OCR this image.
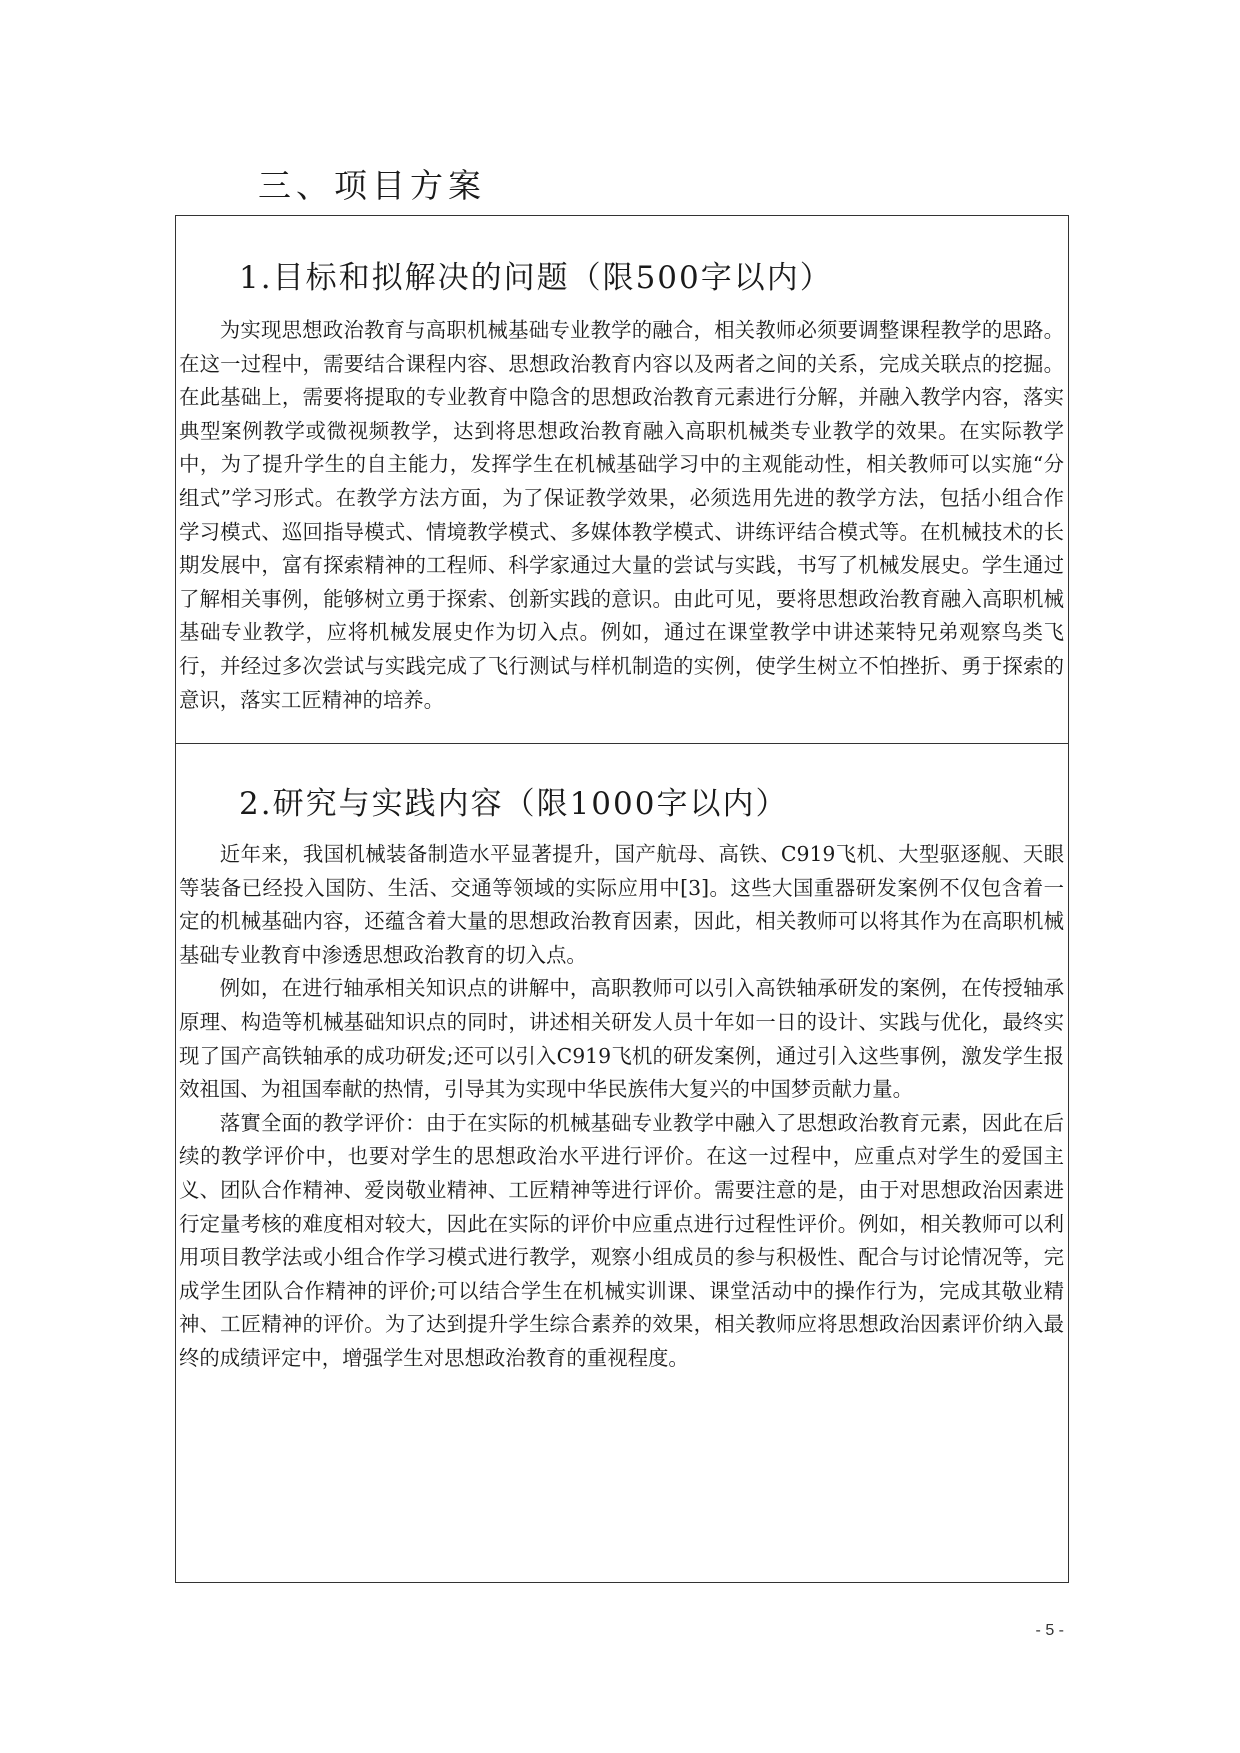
三、项目方案
1.目标和拟解决的问题（限500字以内）

为实现思想政治教育与高职机械基础专业教学的融合，相关教师必须要调整课程教学的思路。在这一过程中，需要结合课程内容、思想政治教育内容以及两者之间的关系，完成关联点的挖掘。在此基础上，需要将提取的专业教育中隐含的思想政治教育元素进行分解，并融入教学内容，落实典型案例教学或微视频教学，达到将思想政治教育融入高职机械类专业教学的效果。在实际教学中，为了提升学生的自主能力，发挥学生在机械基础学习中的主观能动性，相关教师可以实施“分组式”学习形式。在教学方法方面，为了保证教学效果，必须选用先进的教学方法，包括小组合作学习模式、巡回指导模式、情境教学模式、多媒体教学模式、讲练评结合模式等。在机械技术的长期发展中，富有探索精神的工程师、科学家通过大量的尝试与实践，书写了机械发展史。学生通过了解相关事例，能够树立勇于探索、创新实践的意识。由此可见，要将思想政治教育融入高职机械基础专业教学，应将机械发展史作为切入点。例如，通过在课堂教学中讲述莱特兄弟观察鸟类飞行，并经过多次尝试与实践完成了飞行测试与样机制造的实例，使学生树立不怕挫折、勇于探索的意识，落实工匠精神的培养。

2.研究与实践内容（限1000字以内）

近年来，我国机械装备制造水平显著提升，国产航母、高铁、C919飞机、大型驱逐舰、天眼等装备已经投入国防、生活、交通等领域的实际应用中[3]。这些大国重器研发案例不仅包含着一定的机械基础内容，还蕴含着大量的思想政治教育因素，因此，相关教师可以将其作为在高职机械基础专业教育中渗透思想政治教育的切入点。

例如，在进行轴承相关知识点的讲解中，高职教师可以引入高铁轴承研发的案例，在传授轴承原理、构造等机械基础知识点的同时，讲述相关研发人员十年如一日的设计、实践与优化，最终实现了国产高铁轴承的成功研发;还可以引入C919飞机的研发案例，通过引入这些事例，激发学生报效祖国、为祖国奉献的热情，引导其为实现中华民族伟大复兴的中国梦贡献力量。

落實全面的教学评价：由于在实际的机械基础专业教学中融入了思想政治教育元素，因此在后续的教学评价中，也要对学生的思想政治水平进行评价。在这一过程中，应重点对学生的爱国主义、团队合作精神、爱岗敬业精神、工匠精神等进行评价。需要注意的是，由于对思想政治因素进行定量考核的难度相对较大，因此在实际的评价中应重点进行过程性评价。例如，相关教师可以利用项目教学法或小组合作学习模式进行教学，观察小组成员的参与积极性、配合与讨论情况等，完成学生团队合作精神的评价;可以结合学生在机械实训课、课堂活动中的操作行为，完成其敬业精神、工匠精神的评价。为了达到提升学生综合素养的效果，相关教师应将思想政治因素评价纳入最终的成绩评定中，增强学生对思想政治教育的重视程度。

- 5 -
